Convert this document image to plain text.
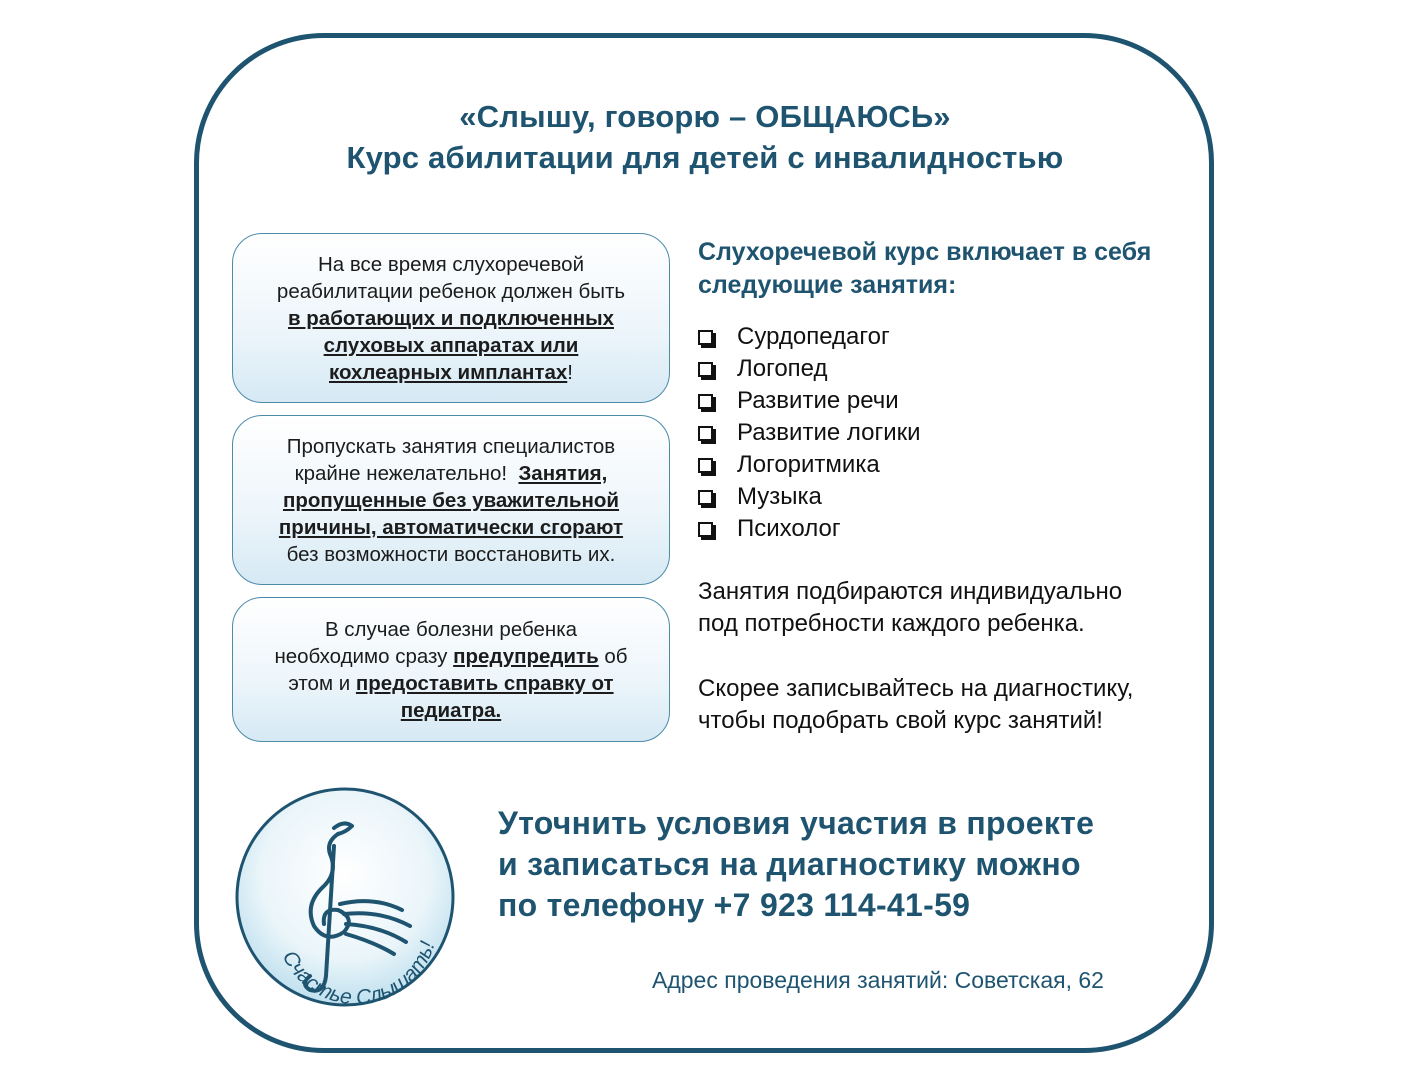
«Слышу, говорю – ОБЩАЮСЬ»
Курс абилитации для детей с инвалидностью
На все время слухоречевой
реабилитации ребенок должен быть
в работающих и подключенных
слуховых аппаратах или
кохлеарных имплантах!
Пропускать занятия специалистов
крайне нежелательно! Занятия,
пропущенные без уважительной
причины, автоматически сгорают
без возможности восстановить их.
В случае болезни ребенка
необходимо сразу предупредить об
этом и предоставить справку от
педиатра.
Слухоречевой курс включает в себя
следующие занятия:
Сурдопедагог
Логопед
Развитие речи
Развитие логики
Логоритмика
Музыка
Психолог
Занятия подбираются индивидуально
под потребности каждого ребенка.
Скорее записывайтесь на диагностику,
чтобы подобрать свой курс занятий!
Счастье Слышать!
Уточнить условия участия в проекте
и записаться на диагностику можно
по телефону +7 923 114-41-59
Адрес проведения занятий: Советская, 62
